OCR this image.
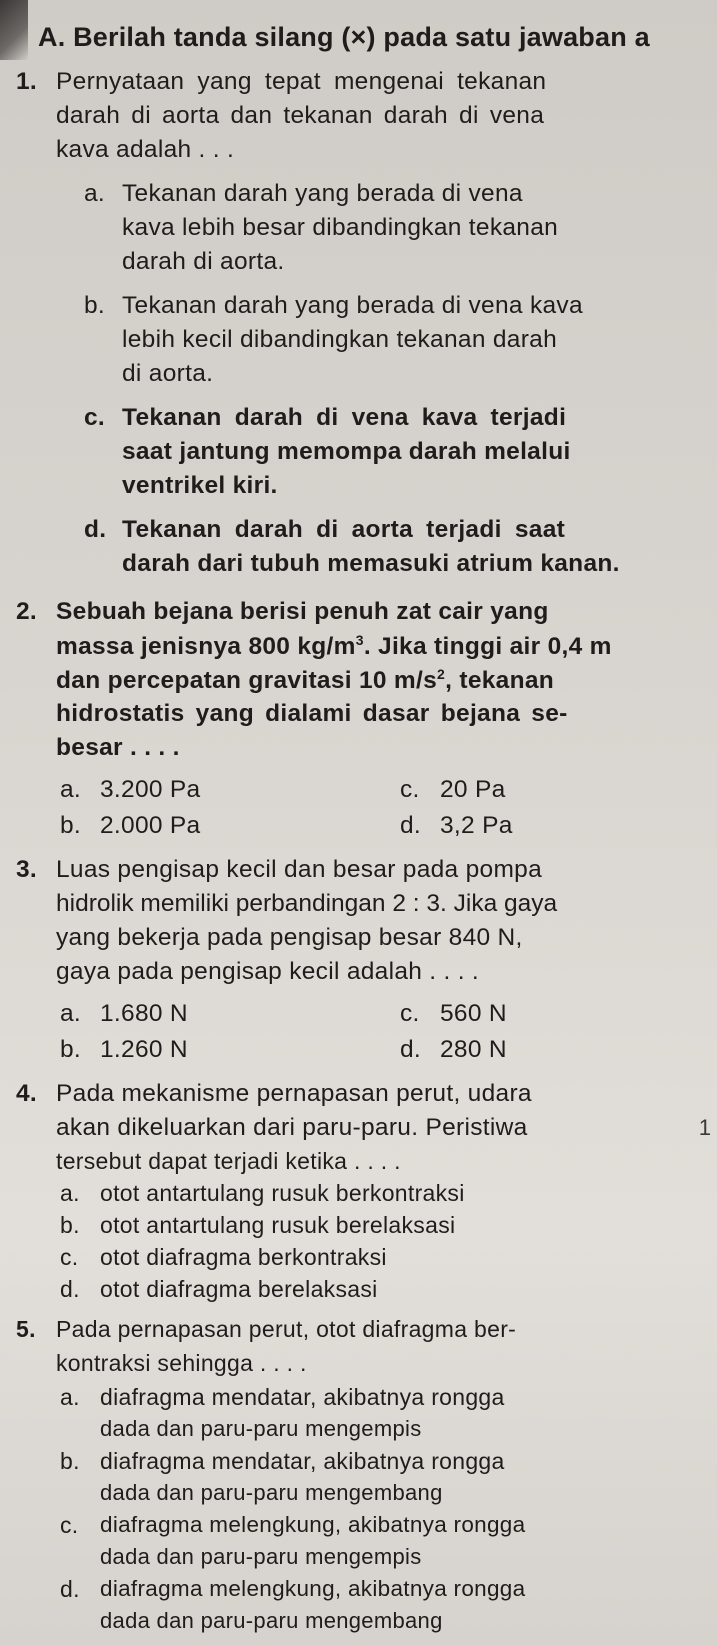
A. Berilah tanda silang (×) pada satu jawaban a
1. Pernyataan yang tepat mengenai tekanan
darah di aorta dan tekanan darah di vena
kava adalah . . .
a. Tekanan darah yang berada di vena
kava lebih besar dibandingkan tekanan
darah di aorta.
b. Tekanan darah yang berada di vena kava
lebih kecil dibandingkan tekanan darah
di aorta.
c. Tekanan darah di vena kava terjadi
saat jantung memompa darah melalui
ventrikel kiri.
d. Tekanan darah di aorta terjadi saat
darah dari tubuh memasuki atrium kanan.
2. Sebuah bejana berisi penuh zat cair yang
massa jenisnya 800 $kg/m^3$. Jika tinggi air 0,4 m
dan percepatan gravitasi 10 $m/s^2$, tekanan
hidrostatis yang dialami dasar bejana se-
besar . . . .
a. 3.200 Pa	c. 20 Pa
b. 2.000 Pa	d. 3,2 Pa
3. Luas pengisap kecil dan besar pada pompa
hidrolik memiliki perbandingan 2 : 3. Jika gaya
yang bekerja pada pengisap besar 840 N,
gaya pada pengisap kecil adalah . . . .
a. 1.680 N	c. 560 N
b. 1.260 N	d. 280 N
4. Pada mekanisme pernapasan perut, udara
akan dikeluarkan dari paru-paru. Peristiwa
tersebut dapat terjadi ketika . . . .
a. otot antartulang rusuk berkontraksi
b. otot antartulang rusuk berelaksasi
c. otot diafragma berkontraksi
d. otot diafragma berelaksasi
1
5. Pada pernapasan perut, otot diafragma ber-
kontraksi sehingga . . . .
a. diafragma mendatar, akibatnya rongga
dada dan paru-paru mengempis
b. diafragma mendatar, akibatnya rongga
dada dan paru-paru mengembang
c. diafragma melengkung, akibatnya rongga
dada dan paru-paru mengempis
d. diafragma melengkung, akibatnya rongga
dada dan paru-paru mengembang
